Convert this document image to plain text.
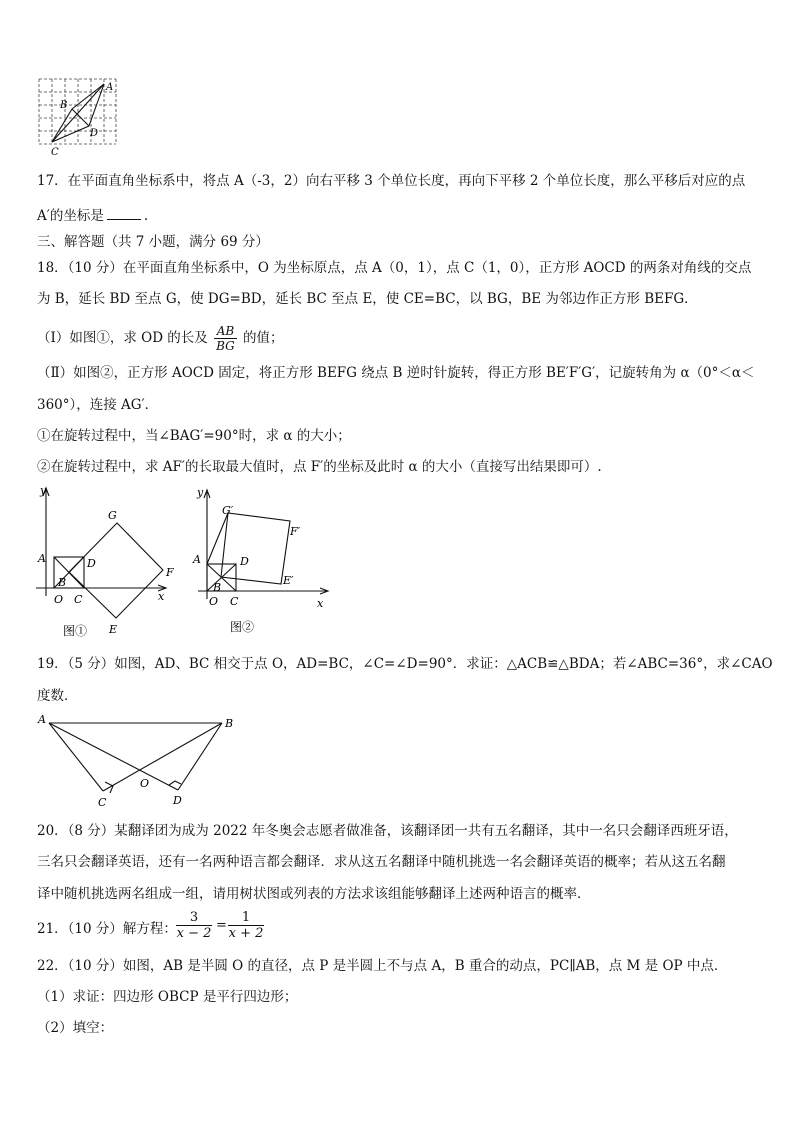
A
B
D
C
17．在平面直角坐标系中，将点 A（-3，2）向右平移 3 个单位长度，再向下平移 2 个单位长度，那么平移后对应的点
A′的坐标是	.
三、解答题（共 7 小题，满分 69 分）
18．（10 分）在平面直角坐标系中，O 为坐标原点，点 A（0，1），点 C（1，0），正方形 AOCD 的两条对角线的交点
为 B，延长 BD 至点 G，使 DG=BD，延长 BC 至点 E，使 CE=BC，以 BG，BE 为邻边作正方形 BEFG．
（Ⅰ）如图①，求 OD 的长及 $\frac{AB}{BG}$ 的值；
（Ⅱ）如图②，正方形 AOCD 固定，将正方形 BEFG 绕点 B 逆时针旋转，得正方形 BE′F′G′，记旋转角为 α（0°＜α＜
360°），连接 AG′．
①在旋转过程中，当∠BAG′=90°时，求 α 的大小；
②在旋转过程中，求 AF′的长取最大值时，点 F′的坐标及此时 α 的大小（直接写出结果即可）.
y
x
G
A	D
B
F
O C
E
图①
y
x
G′
F′
A	D
B
E′
O C
图②
19．（5 分）如图，AD、BC 相交于点 O，AD=BC，∠C=∠D=90°．求证：△ACB≌△BDA；若∠ABC=36°，求∠CAO
度数．
A	B
O
C	D
20．（8 分）某翻译团为成为 2022 年冬奥会志愿者做准备，该翻译团一共有五名翻译，其中一名只会翻译西班牙语，
三名只会翻译英语，还有一名两种语言都会翻译．求从这五名翻译中随机挑选一名会翻译英语的概率；若从这五名翻
译中随机挑选两名组成一组，请用树状图或列表的方法求该组能够翻译上述两种语言的概率．
21．（10 分）解方程： $\frac{3}{x - 2} = \frac{1}{x + 2}$
22．（10 分）如图，AB 是半圆 O 的直径，点 P 是半圆上不与点 A，B 重合的动点，PC∥AB，点 M 是 OP 中点．
（1）求证：四边形 OBCP 是平行四边形；
（2）填空：
